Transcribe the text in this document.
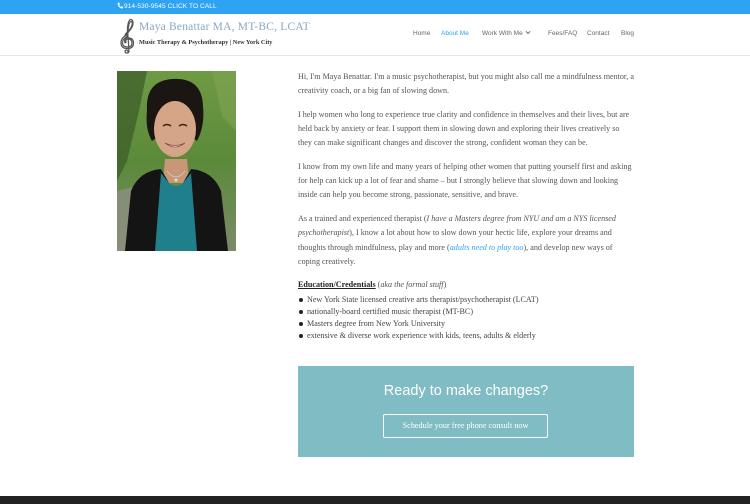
914-530-9545 CLICK TO CALL
Maya Benattar MA, MT-BC, LCAT
Music Therapy & Psychotherapy | New York City
Home About Me Work With Me	Fees/FAQ Contact Blog

Hi, I'm Maya Benattar. I'm a music psychotherapist, but you might also call me a mindfulness mentor, a creativity coach, or a big fan of slowing down.

I help women who long to experience true clarity and confidence in themselves and their lives, but are held back by anxiety or fear. I support them in slowing down and exploring their lives creatively so they can make significant changes and discover the strong, confident woman they can be.

I know from my own life and many years of helping other women that putting yourself first and asking for help can kick up a lot of fear and shame – but I strongly believe that slowing down and looking inside can help you become strong, passionate, sensitive, and brave.

As a trained and experienced therapist (I have a Masters degree from NYU and am a NYS licensed psychotherapist), I know a lot about how to slow down your hectic life, explore your dreams and thoughts through mindfulness, play and more (adults need to play too), and develop new ways of coping creatively.

Education/Credentials (aka the formal stuff)
New York State licensed creative arts therapist/psychotherapist (LCAT)
nationally-board certified music therapist (MT-BC)
Masters degree from New York University
extensive & diverse work experience with kids, teens, adults & elderly
Ready to make changes?
Schedule your free phone consult now
